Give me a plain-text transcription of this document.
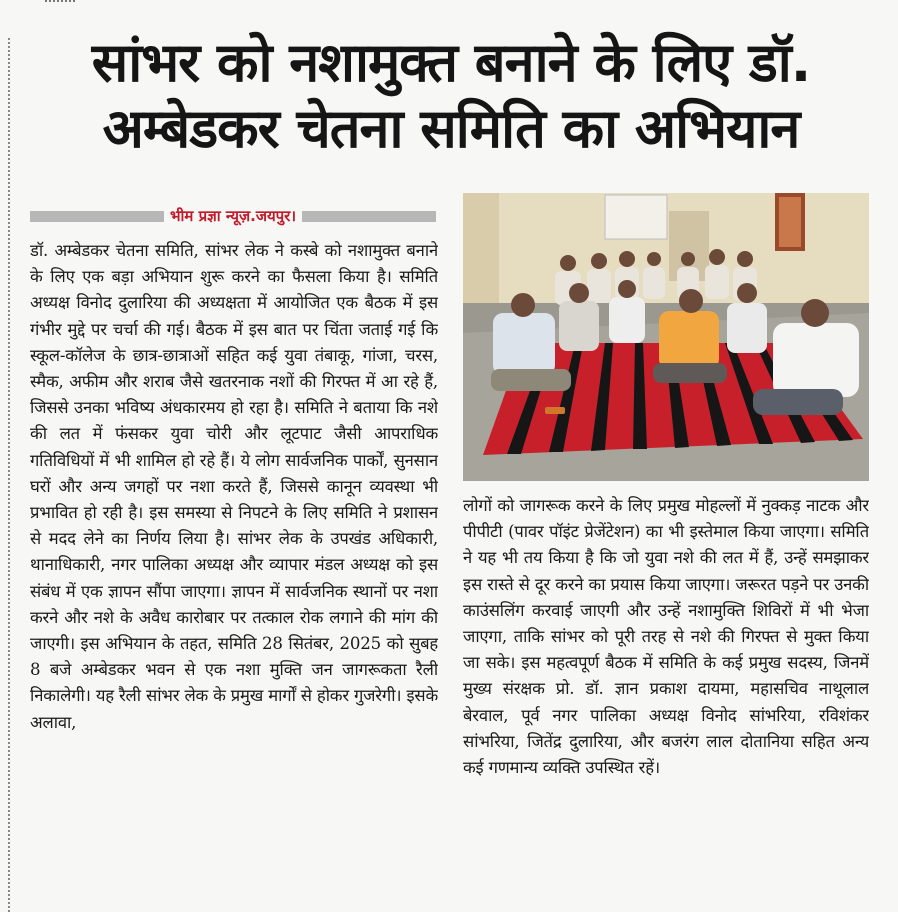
सांभर को नशामुक्त बनाने के लिए डॉ. अम्बेडकर चेतना समिति का अभियान
भीम प्रज्ञा न्यूज़.जयपुर।

डॉ. अम्बेडकर चेतना समिति, सांभर लेक ने कस्बे को नशामुक्त बनाने के लिए एक बड़ा अभियान शुरू करने का फैसला किया है। समिति अध्यक्ष विनोद दुलारिया की अध्यक्षता में आयोजित एक बैठक में इस गंभीर मुद्दे पर चर्चा की गई। बैठक में इस बात पर चिंता जताई गई कि स्कूल-कॉलेज के छात्र-छात्राओं सहित कई युवा तंबाकू, गांजा, चरस, स्मैक, अफीम और शराब जैसे खतरनाक नशों की गिरफ्त में आ रहे हैं, जिससे उनका भविष्य अंधकारमय हो रहा है। समिति ने बताया कि नशे की लत में फंसकर युवा चोरी और लूटपाट जैसी आपराधिक गतिविधियों में भी शामिल हो रहे हैं। ये लोग सार्वजनिक पार्कों, सुनसान घरों और अन्य जगहों पर नशा करते हैं, जिससे कानून व्यवस्था भी प्रभावित हो रही है। इस समस्या से निपटने के लिए समिति ने प्रशासन से मदद लेने का निर्णय लिया है। सांभर लेक के उपखंड अधिकारी, थानाधिकारी, नगर पालिका अध्यक्ष और व्यापार मंडल अध्यक्ष को इस संबंध में एक ज्ञापन सौंपा जाएगा। ज्ञापन में सार्वजनिक स्थानों पर नशा करने और नशे के अवैध कारोबार पर तत्काल रोक लगाने की मांग की जाएगी। इस अभियान के तहत, समिति 28 सितंबर, 2025 को सुबह 8 बजे अम्बेडकर भवन से एक नशा मुक्ति जन जागरूकता रैली निकालेगी। यह रैली सांभर लेक के प्रमुख मार्गों से होकर गुजरेगी। इसके अलावा,

लोगों को जागरूक करने के लिए प्रमुख मोहल्लों में नुक्कड़ नाटक और पीपीटी (पावर पॉइंट प्रेजेंटेशन) का भी इस्तेमाल किया जाएगा। समिति ने यह भी तय किया है कि जो युवा नशे की लत में हैं, उन्हें समझाकर इस रास्ते से दूर करने का प्रयास किया जाएगा। जरूरत पड़ने पर उनकी काउंसलिंग करवाई जाएगी और उन्हें नशामुक्ति शिविरों में भी भेजा जाएगा, ताकि सांभर को पूरी तरह से नशे की गिरफ्त से मुक्त किया जा सके। इस महत्वपूर्ण बैठक में समिति के कई प्रमुख सदस्य, जिनमें मुख्य संरक्षक प्रो. डॉ. ज्ञान प्रकाश दायमा, महासचिव नाथूलाल बेरवाल, पूर्व नगर पालिका अध्यक्ष विनोद सांभरिया, रविशंकर सांभरिया, जितेंद्र दुलारिया, और बजरंग लाल दोतानिया सहित अन्य कई गणमान्य व्यक्ति उपस्थित रहें।
